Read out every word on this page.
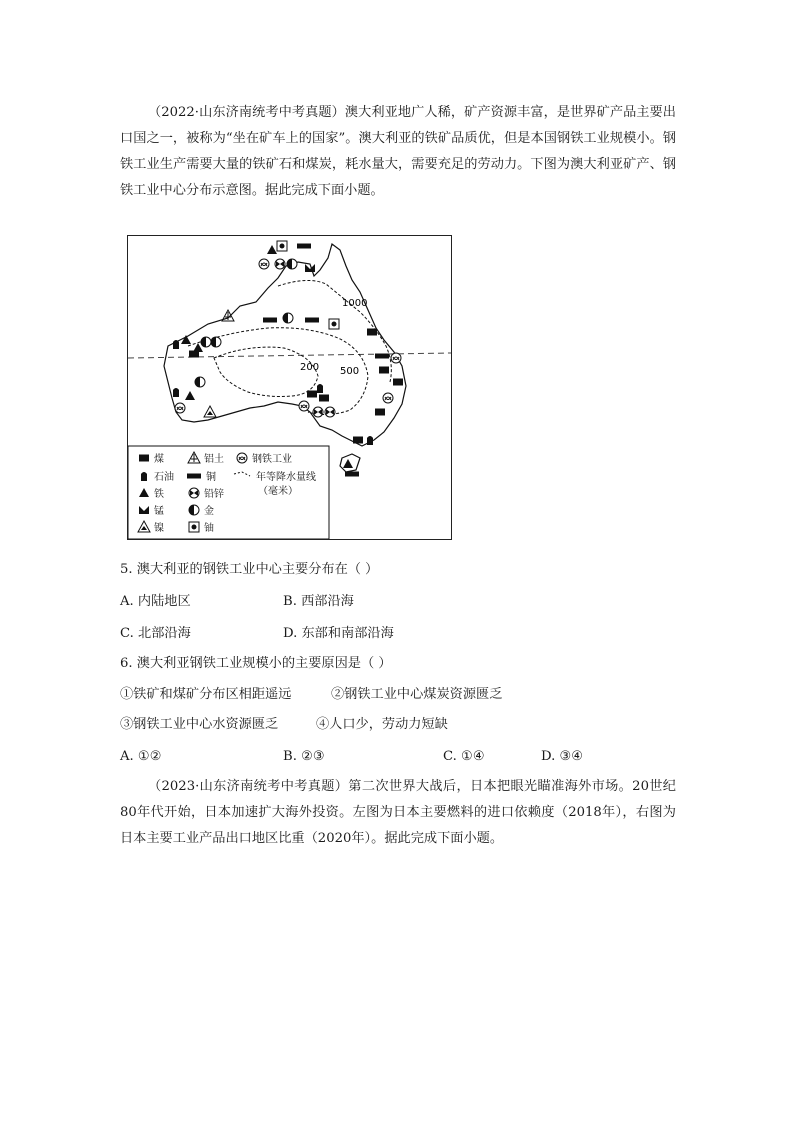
（2022·山东济南统考中考真题）澳大利亚地广人稀，矿产资源丰富，是世界矿产品主要出口国之一，被称为“坐在矿车上的国家”。澳大利亚的铁矿品质优，但是本国钢铁工业规模小。钢铁工业生产需要大量的铁矿石和煤炭，耗水量大，需要充足的劳动力。下图为澳大利亚矿产、钢铁工业中心分布示意图。据此完成下面小题。

1000
200 500
煤
石油
铁
锰
镍
铝土
铜
铅锌
金
铀
钢铁工业
年等降水量线
（毫米）

5. 澳大利亚的钢铁工业中心主要分布在（ ）

A. 内陆地区	B. 西部沿海
C. 北部沿海	D. 东部和南部沿海

6. 澳大利亚钢铁工业规模小的主要原因是（ ）

①铁矿和煤矿分布区相距遥远	②钢铁工业中心煤炭资源匮乏
③钢铁工业中心水资源匮乏	④人口少，劳动力短缺
A. ①②	B. ②③	C. ①④	D. ③④

（2023·山东济南统考中考真题）第二次世界大战后，日本把眼光瞄准海外市场。20世纪80年代开始，日本加速扩大海外投资。左图为日本主要燃料的进口依赖度（2018年），右图为日本主要工业产品出口地区比重（2020年）。据此完成下面小题。
